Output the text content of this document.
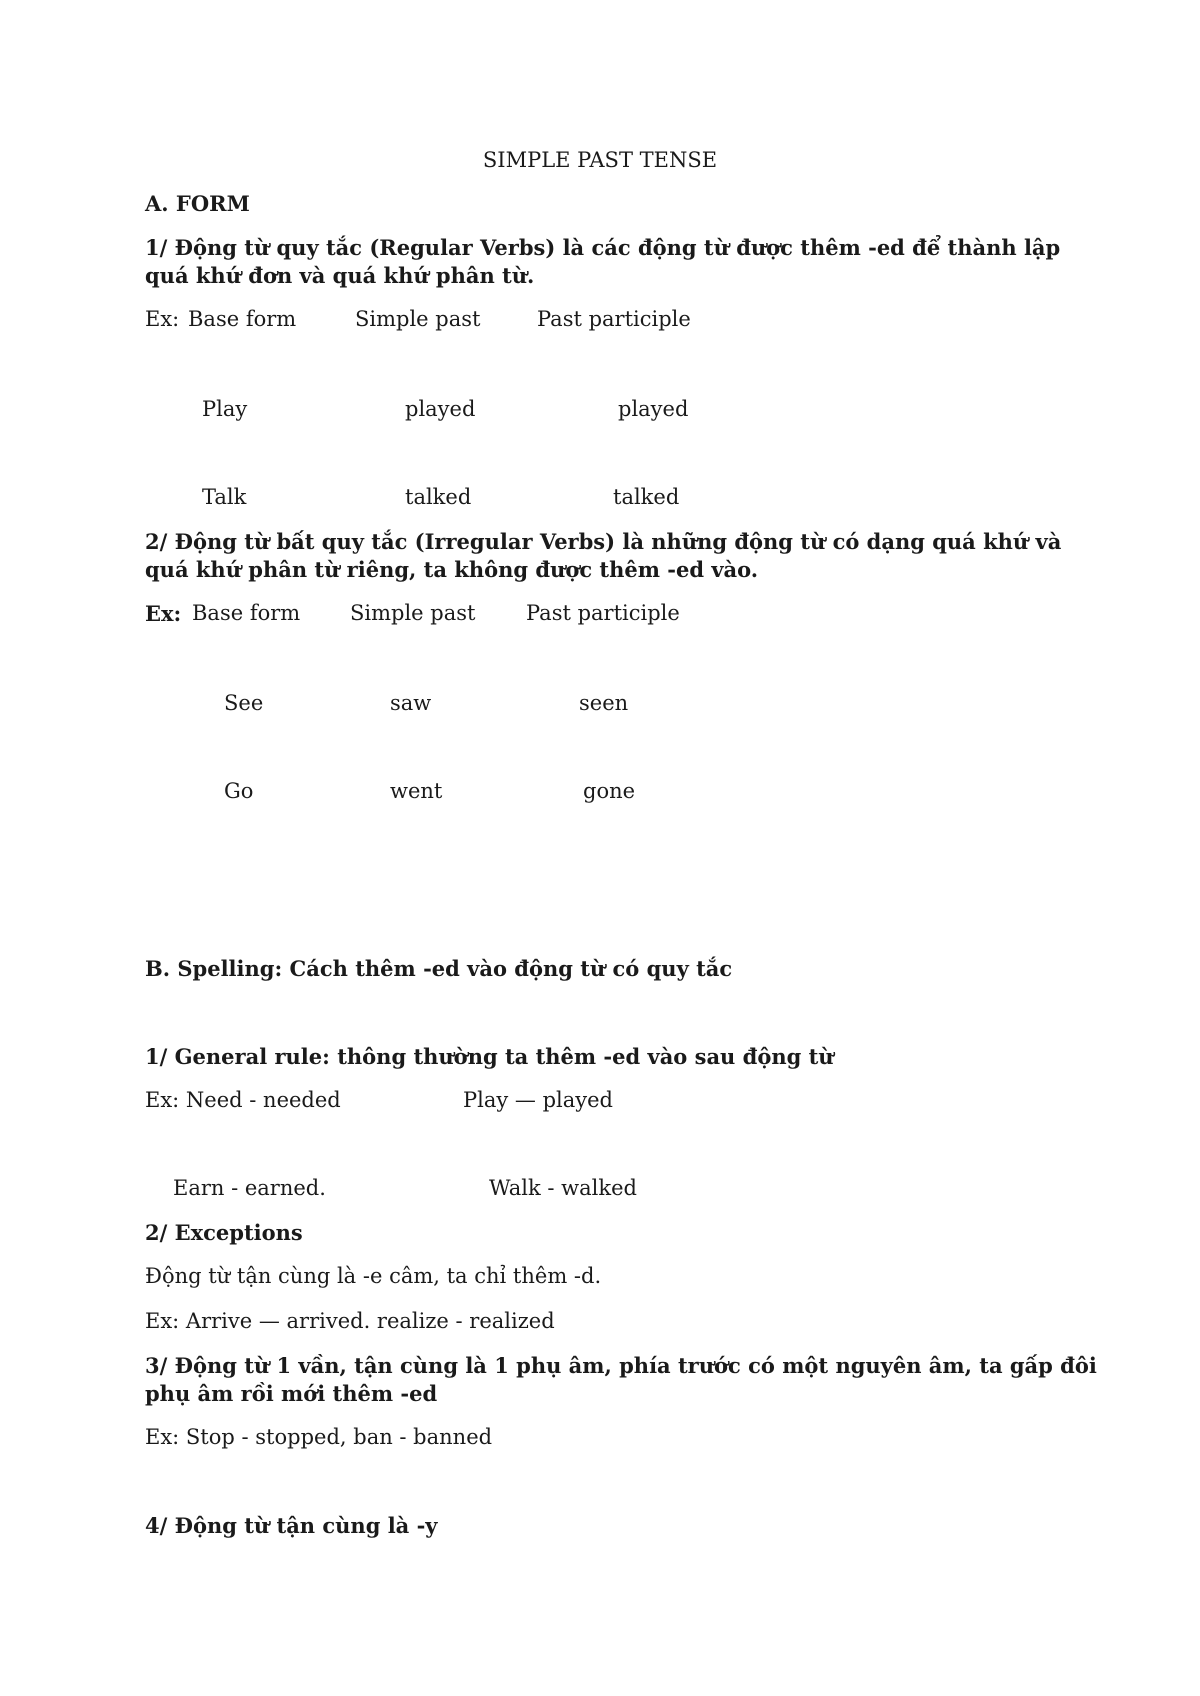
SIMPLE PAST TENSE
A. FORM
1/ Động từ quy tắc (Regular Verbs) là các động từ được thêm -ed để thành lập
quá khứ đơn và quá khứ phân từ.
Ex: Base form	Simple past	Past participle
Play	played	played
Talk	talked	talked
2/ Động từ bất quy tắc (Irregular Verbs) là những động từ có dạng quá khứ và
quá khứ phân từ riêng, ta không được thêm -ed vào.
Ex: Base form Simple past Past participle
See	saw	seen
Go	went	gone
B. Spelling: Cách thêm -ed vào động từ có quy tắc
1/ General rule: thông thường ta thêm -ed vào sau động từ
Ex: Need - needed	Play — played
Earn - earned.	Walk - walked
2/ Exceptions
Động từ tận cùng là -e câm, ta chỉ thêm -d.
Ex: Arrive — arrived. realize - realized
3/ Động từ 1 vần, tận cùng là 1 phụ âm, phía trước có một nguyên âm, ta gấp đôi
phụ âm rồi mới thêm -ed
Ex: Stop - stopped, ban - banned
4/ Động từ tận cùng là -y
